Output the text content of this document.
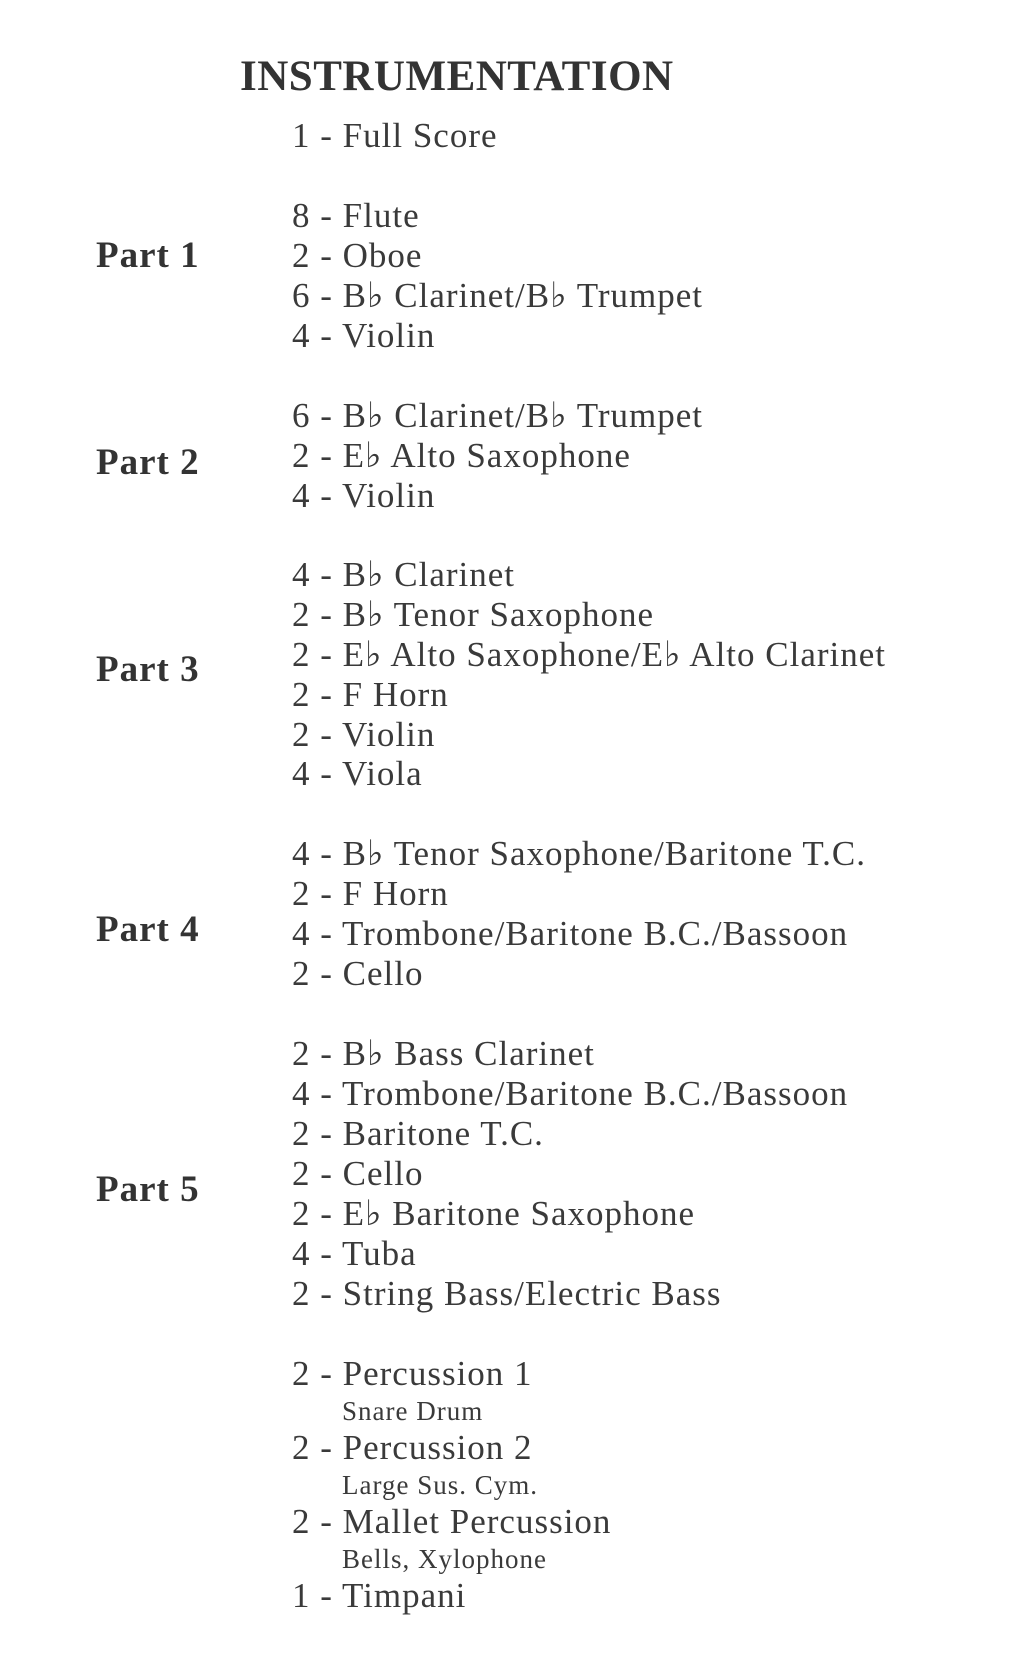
INSTRUMENTATION
1 - Full Score
Part 1
8 - Flute
2 - Oboe
6 - B♭ Clarinet/B♭ Trumpet
4 - Violin
Part 2
6 - B♭ Clarinet/B♭ Trumpet
2 - E♭ Alto Saxophone
4 - Violin
Part 3
4 - B♭ Clarinet
2 - B♭ Tenor Saxophone
2 - E♭ Alto Saxophone/E♭ Alto Clarinet
2 - F Horn
2 - Violin
4 - Viola
Part 4
4 - B♭ Tenor Saxophone/Baritone T.C.
2 - F Horn
4 - Trombone/Baritone B.C./Bassoon
2 - Cello
Part 5
2 - B♭ Bass Clarinet
4 - Trombone/Baritone B.C./Bassoon
2 - Baritone T.C.
2 - Cello
2 - E♭ Baritone Saxophone
4 - Tuba
2 - String Bass/Electric Bass
2 - Percussion 1
Snare Drum
2 - Percussion 2
Large Sus. Cym.
2 - Mallet Percussion
Bells, Xylophone
1 - Timpani
